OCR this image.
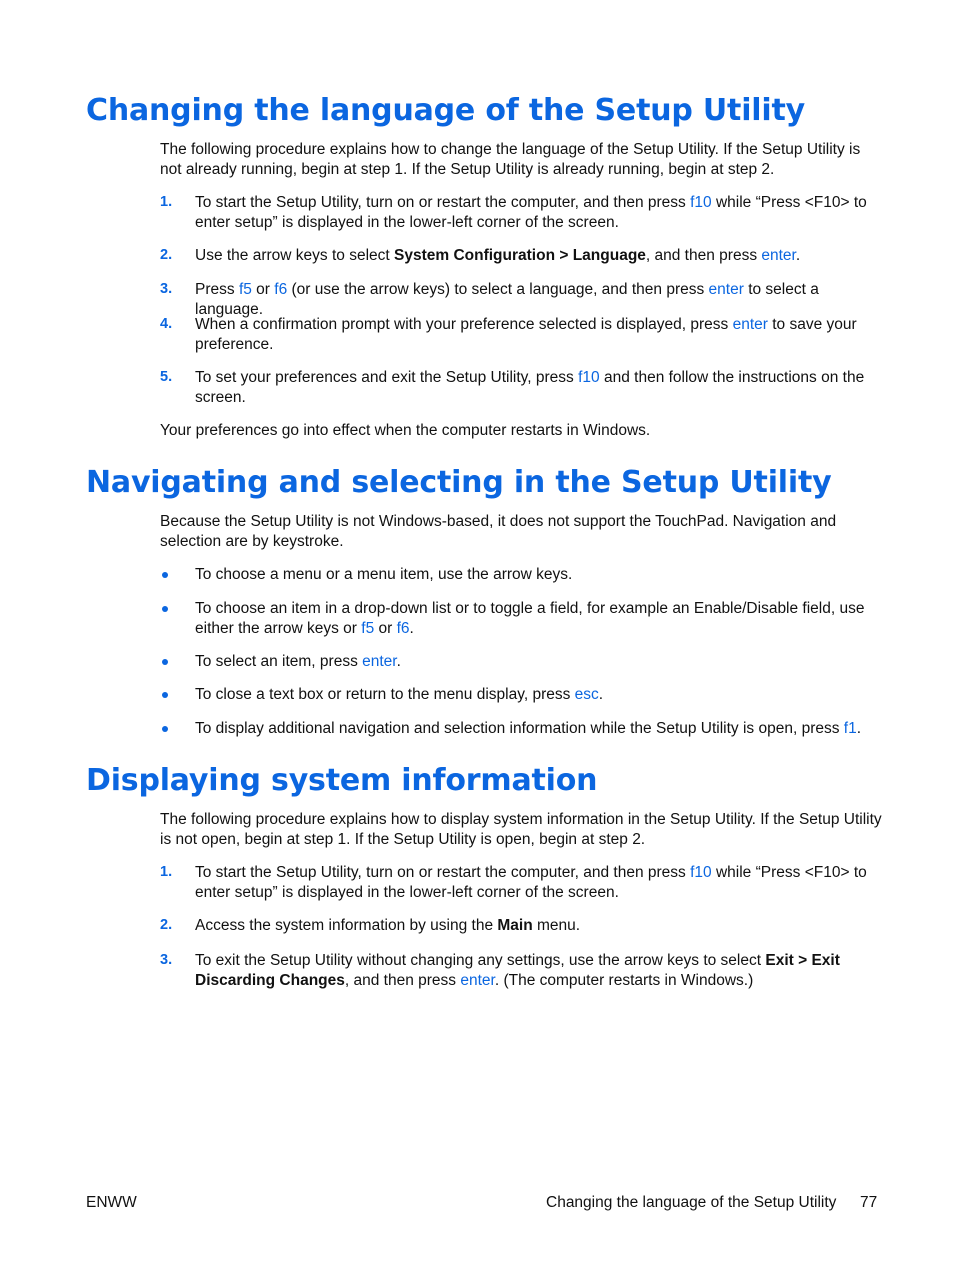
Changing the language of the Setup Utility

The following procedure explains how to change the language of the Setup Utility. If the Setup Utility is not already running, begin at step 1. If the Setup Utility is already running, begin at step 2.

1.	To start the Setup Utility, turn on or restart the computer, and then press f10 while “Press <F10> to enter setup” is displayed in the lower-left corner of the screen.
2.	Use the arrow keys to select System Configuration > Language, and then press enter.
3.	Press f5 or f6 (or use the arrow keys) to select a language, and then press enter to select a language.
4.	When a confirmation prompt with your preference selected is displayed, press enter to save your preference.
5.	To set your preferences and exit the Setup Utility, press f10 and then follow the instructions on the screen.

Your preferences go into effect when the computer restarts in Windows.

Navigating and selecting in the Setup Utility

Because the Setup Utility is not Windows-based, it does not support the TouchPad. Navigation and selection are by keystroke.

To choose a menu or a menu item, use the arrow keys.
To choose an item in a drop-down list or to toggle a field, for example an Enable/Disable field, use either the arrow keys or f5 or f6.
To select an item, press enter.
To close a text box or return to the menu display, press esc.
To display additional navigation and selection information while the Setup Utility is open, press f1.
Displaying system information

The following procedure explains how to display system information in the Setup Utility. If the Setup Utility is not open, begin at step 1. If the Setup Utility is open, begin at step 2.

1.	To start the Setup Utility, turn on or restart the computer, and then press f10 while “Press <F10> to enter setup” is displayed in the lower-left corner of the screen.
2.	Access the system information by using the Main menu.
3.	To exit the Setup Utility without changing any settings, use the arrow keys to select Exit > Exit Discarding Changes, and then press enter. (The computer restarts in Windows.)
ENWW	Changing the language of the Setup Utility 77
